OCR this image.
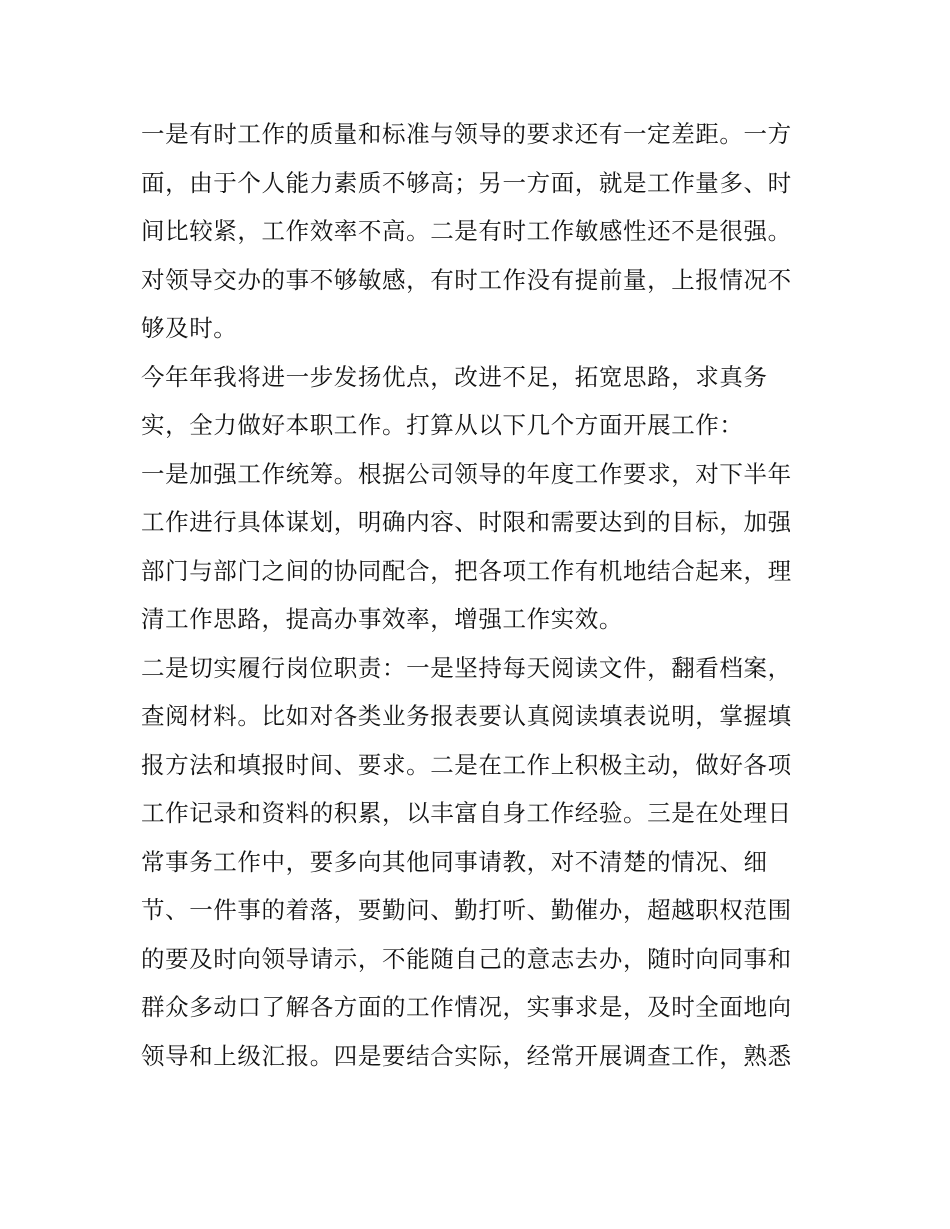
一是有时工作的质量和标准与领导的要求还有一定差距。一方
面，由于个人能力素质不够高；另一方面，就是工作量多、时
间比较紧，工作效率不高。二是有时工作敏感性还不是很强。
对领导交办的事不够敏感，有时工作没有提前量，上报情况不
够及时。
今年年我将进一步发扬优点，改进不足，拓宽思路，求真务
实，全力做好本职工作。打算从以下几个方面开展工作：
一是加强工作统筹。根据公司领导的年度工作要求，对下半年
工作进行具体谋划，明确内容、时限和需要达到的目标，加强
部门与部门之间的协同配合，把各项工作有机地结合起来，理
清工作思路，提高办事效率，增强工作实效。
二是切实履行岗位职责：一是坚持每天阅读文件，翻看档案，
查阅材料。比如对各类业务报表要认真阅读填表说明，掌握填
报方法和填报时间、要求。二是在工作上积极主动，做好各项
工作记录和资料的积累，以丰富自身工作经验。三是在处理日
常事务工作中，要多向其他同事请教，对不清楚的情况、细
节、一件事的着落，要勤问、勤打听、勤催办，超越职权范围
的要及时向领导请示，不能随自己的意志去办，随时向同事和
群众多动口了解各方面的工作情况，实事求是，及时全面地向
领导和上级汇报。四是要结合实际，经常开展调查工作，熟悉
